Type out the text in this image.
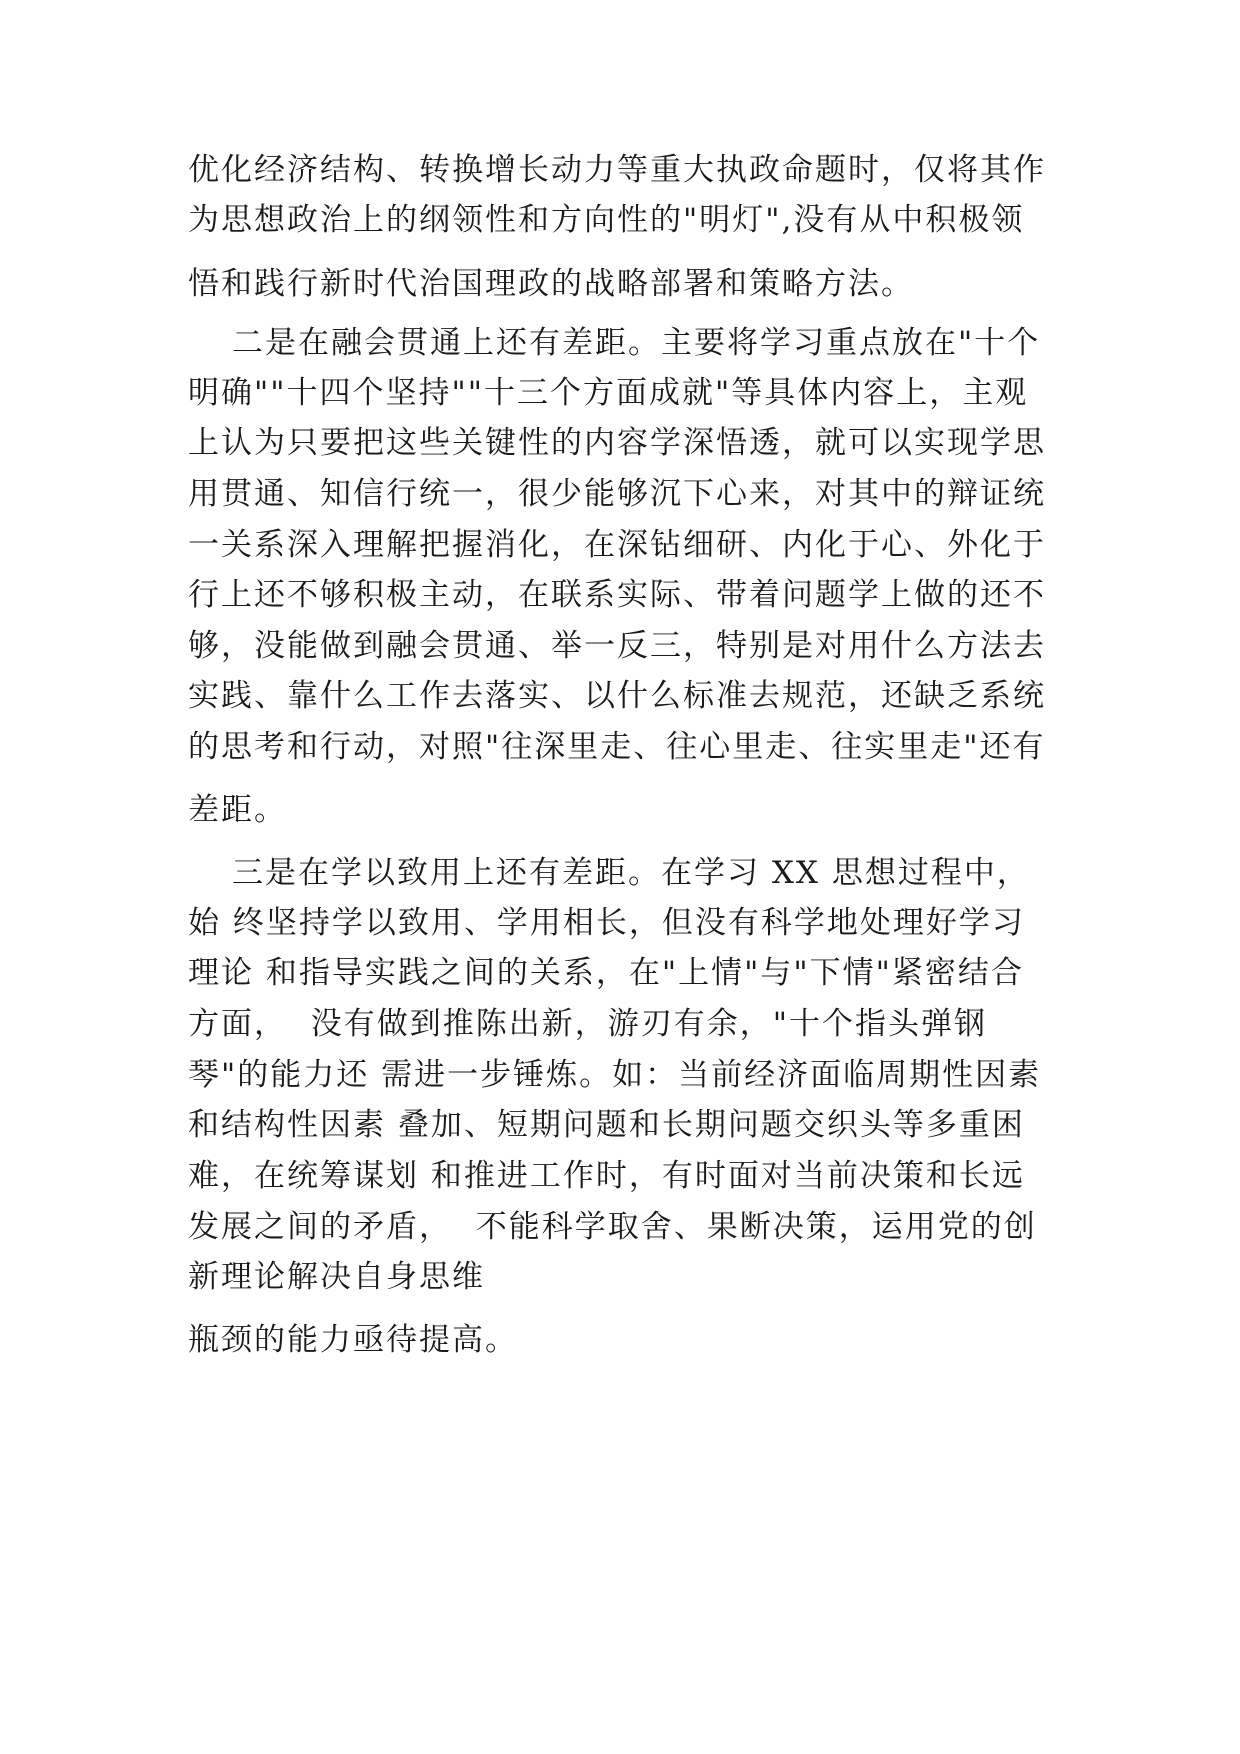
优化经济结构、转换增长动力等重大执政命题时，仅将其作
为思想政治上的纲领性和方向性的"明灯",没有从中积极领
悟和践行新时代治国理政的战略部署和策略方法。
二是在融会贯通上还有差距。主要将学习重点放在"十个
明确""十四个坚持""十三个方面成就"等具体内容上，主观
上认为只要把这些关键性的内容学深悟透，就可以实现学思
用贯通、知信行统一，很少能够沉下心来，对其中的辩证统
一关系深入理解把握消化，在深钻细研、内化于心、外化于
行上还不够积极主动，在联系实际、带着问题学上做的还不
够，没能做到融会贯通、举一反三，特别是对用什么方法去
实践、靠什么工作去落实、以什么标准去规范，还缺乏系统
的思考和行动，对照"往深里走、往心里走、往实里走"还有
差距。
三是在学以致用上还有差距。在学习 XX 思想过程中，
始 终坚持学以致用、学用相长，但没有科学地处理好学习
理论 和指导实践之间的关系，在"上情"与"下情"紧密结合
方面，  没有做到推陈出新，游刃有余，"十个指头弹钢
琴"的能力还 需进一步锤炼。如：当前经济面临周期性因素
和结构性因素 叠加、短期问题和长期问题交织头等多重困
难，在统筹谋划 和推进工作时，有时面对当前决策和长远
发展之间的矛盾，  不能科学取舍、果断决策，运用党的创
新理论解决自身思维
瓶颈的能力亟待提高。
